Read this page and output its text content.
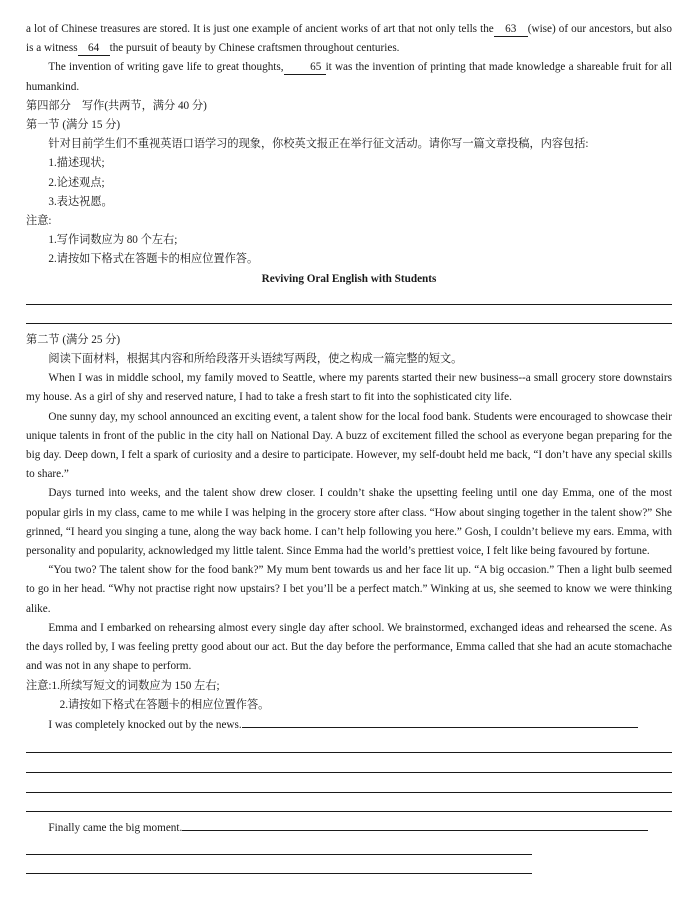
a lot of Chinese treasures are stored. It is just one example of ancient works of art that not only tells the 63 (wise) of our ancestors, but also is a witness 64 the pursuit of beauty by Chinese craftsmen throughout centuries.

The invention of writing gave life to great thoughts, 65 it was the invention of printing that made knowledge a shareable fruit for all humankind.

第四部分　写作(共两节，满分 40 分)

第一节 (满分 15 分)

针对目前学生们不重视英语口语学习的现象，你校英文报正在举行征文活动。请你写一篇文章投稿，内容包括:

1.描述现状;

2.论述观点;

3.表达祝愿。

注意:

1.写作词数应为 80 个左右;

2.请按如下格式在答题卡的相应位置作答。

Reviving Oral English with Students

第二节 (满分 25 分)

阅读下面材料，根据其内容和所给段落开头语续写两段，使之构成一篇完整的短文。

When I was in middle school, my family moved to Seattle, where my parents started their new business--a small grocery store downstairs my house. As a girl of shy and reserved nature, I had to take a fresh start to fit into the sophisticated city life.

One sunny day, my school announced an exciting event, a talent show for the local food bank. Students were encouraged to showcase their unique talents in front of the public in the city hall on National Day. A buzz of excitement filled the school as everyone began preparing for the big day. Deep down, I felt a spark of curiosity and a desire to participate. However, my self-doubt held me back, “I don’t have any special skills to share.”

Days turned into weeks, and the talent show drew closer. I couldn’t shake the upsetting feeling until one day Emma, one of the most popular girls in my class, came to me while I was helping in the grocery store after class. “How about singing together in the talent show?” She grinned, “I heard you singing a tune, along the way back home. I can’t help following you here.” Gosh, I couldn’t believe my ears. Emma, with personality and popularity, acknowledged my little talent. Since Emma had the world’s prettiest voice, I felt like being favoured by fortune.

“You two? The talent show for the food bank?” My mum bent towards us and her face lit up. “A big occasion.” Then a light bulb seemed to go in her head. “Why not practise right now upstairs? I bet you’ll be a perfect match.” Winking at us, she seemed to know we were thinking alike.

Emma and I embarked on rehearsing almost every single day after school. We brainstormed, exchanged ideas and rehearsed the scene. As the days rolled by, I was feeling pretty good about our act. But the day before the performance, Emma called that she had an acute stomachache and was not in any shape to perform.

注意:1.所续写短文的词数应为 150 左右;

2.请按如下格式在答题卡的相应位置作答。

I was completely knocked out by the news.

Finally came the big moment.
